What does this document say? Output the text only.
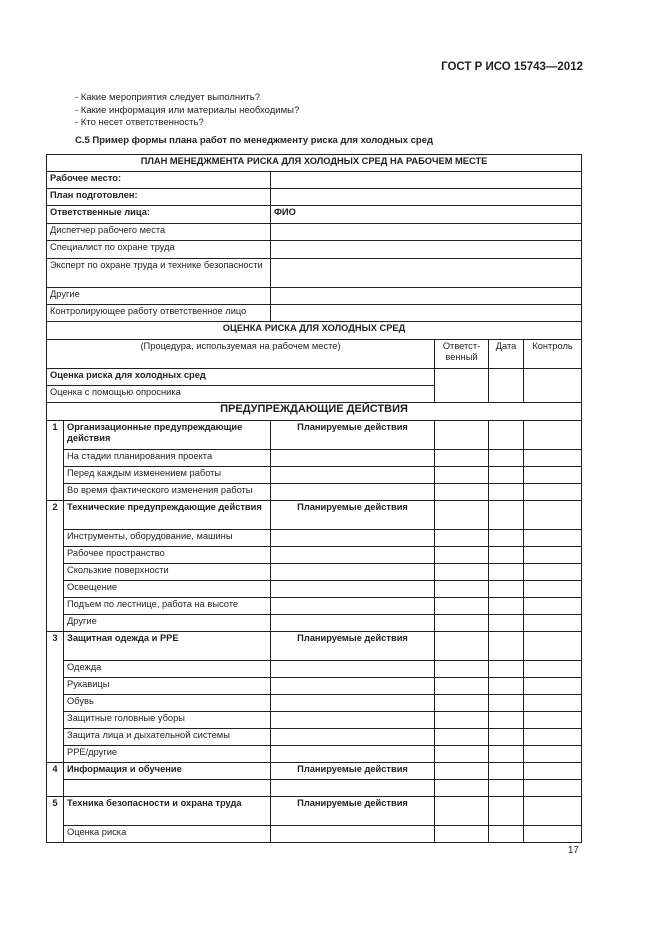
ГОСТ Р ИСО 15743—2012
- Какие мероприятия следует выполнить?
- Какие информация или материалы необходимы?
- Кто несет ответственность?
С.5 Пример формы плана работ по менеджменту риска для холодных сред
ПЛАН МЕНЕДЖМЕНТА РИСКА ДЛЯ ХОЛОДНЫХ СРЕД НА РАБОЧЕМ МЕСТЕ					
Рабочее место:					
План подготовлен:					
Ответственные лица:		ФИО			
Диспетчер рабочего места					
Специалист по охране труда					
Эксперт по охране труда и технике безопасности					
Другие					
Контролирующее работу ответственное лицо					
ОЦЕНКА РИСКА ДЛЯ ХОЛОДНЫХ СРЕД					
(Процедура, используемая на рабочем месте)			Ответст-венный	Дата	Контроль
Оценка риска для холодных сред					
Оценка с помощью опросника					
ПРЕДУПРЕЖДАЮЩИЕ ДЕЙСТВИЯ					
1	Организационные предупреждающие действия	Планируемые действия			
	На стадии планирования проекта				
	Перед каждым изменением работы				
	Во время фактического изменения работы				
2	Технические предупреждающие действия	Планируемые действия			
	Инструменты, оборудование, машины				
	Рабочее пространство				
	Скользкие поверхности				
	Освещение				
	Подъем по лестнице, работа на высоте				
	Другие				
3	Защитная одежда и PPE	Планируемые действия			
	Одежда				
	Рукавицы				
	Обувь				
	Защитные головные уборы				
	Защита лица и дыхательной системы				
	PPE/другие				
4	Информация и обучение	Планируемые действия			

5	Техника безопасности и охрана труда	Планируемые действия			
	Оценка риска				
17
